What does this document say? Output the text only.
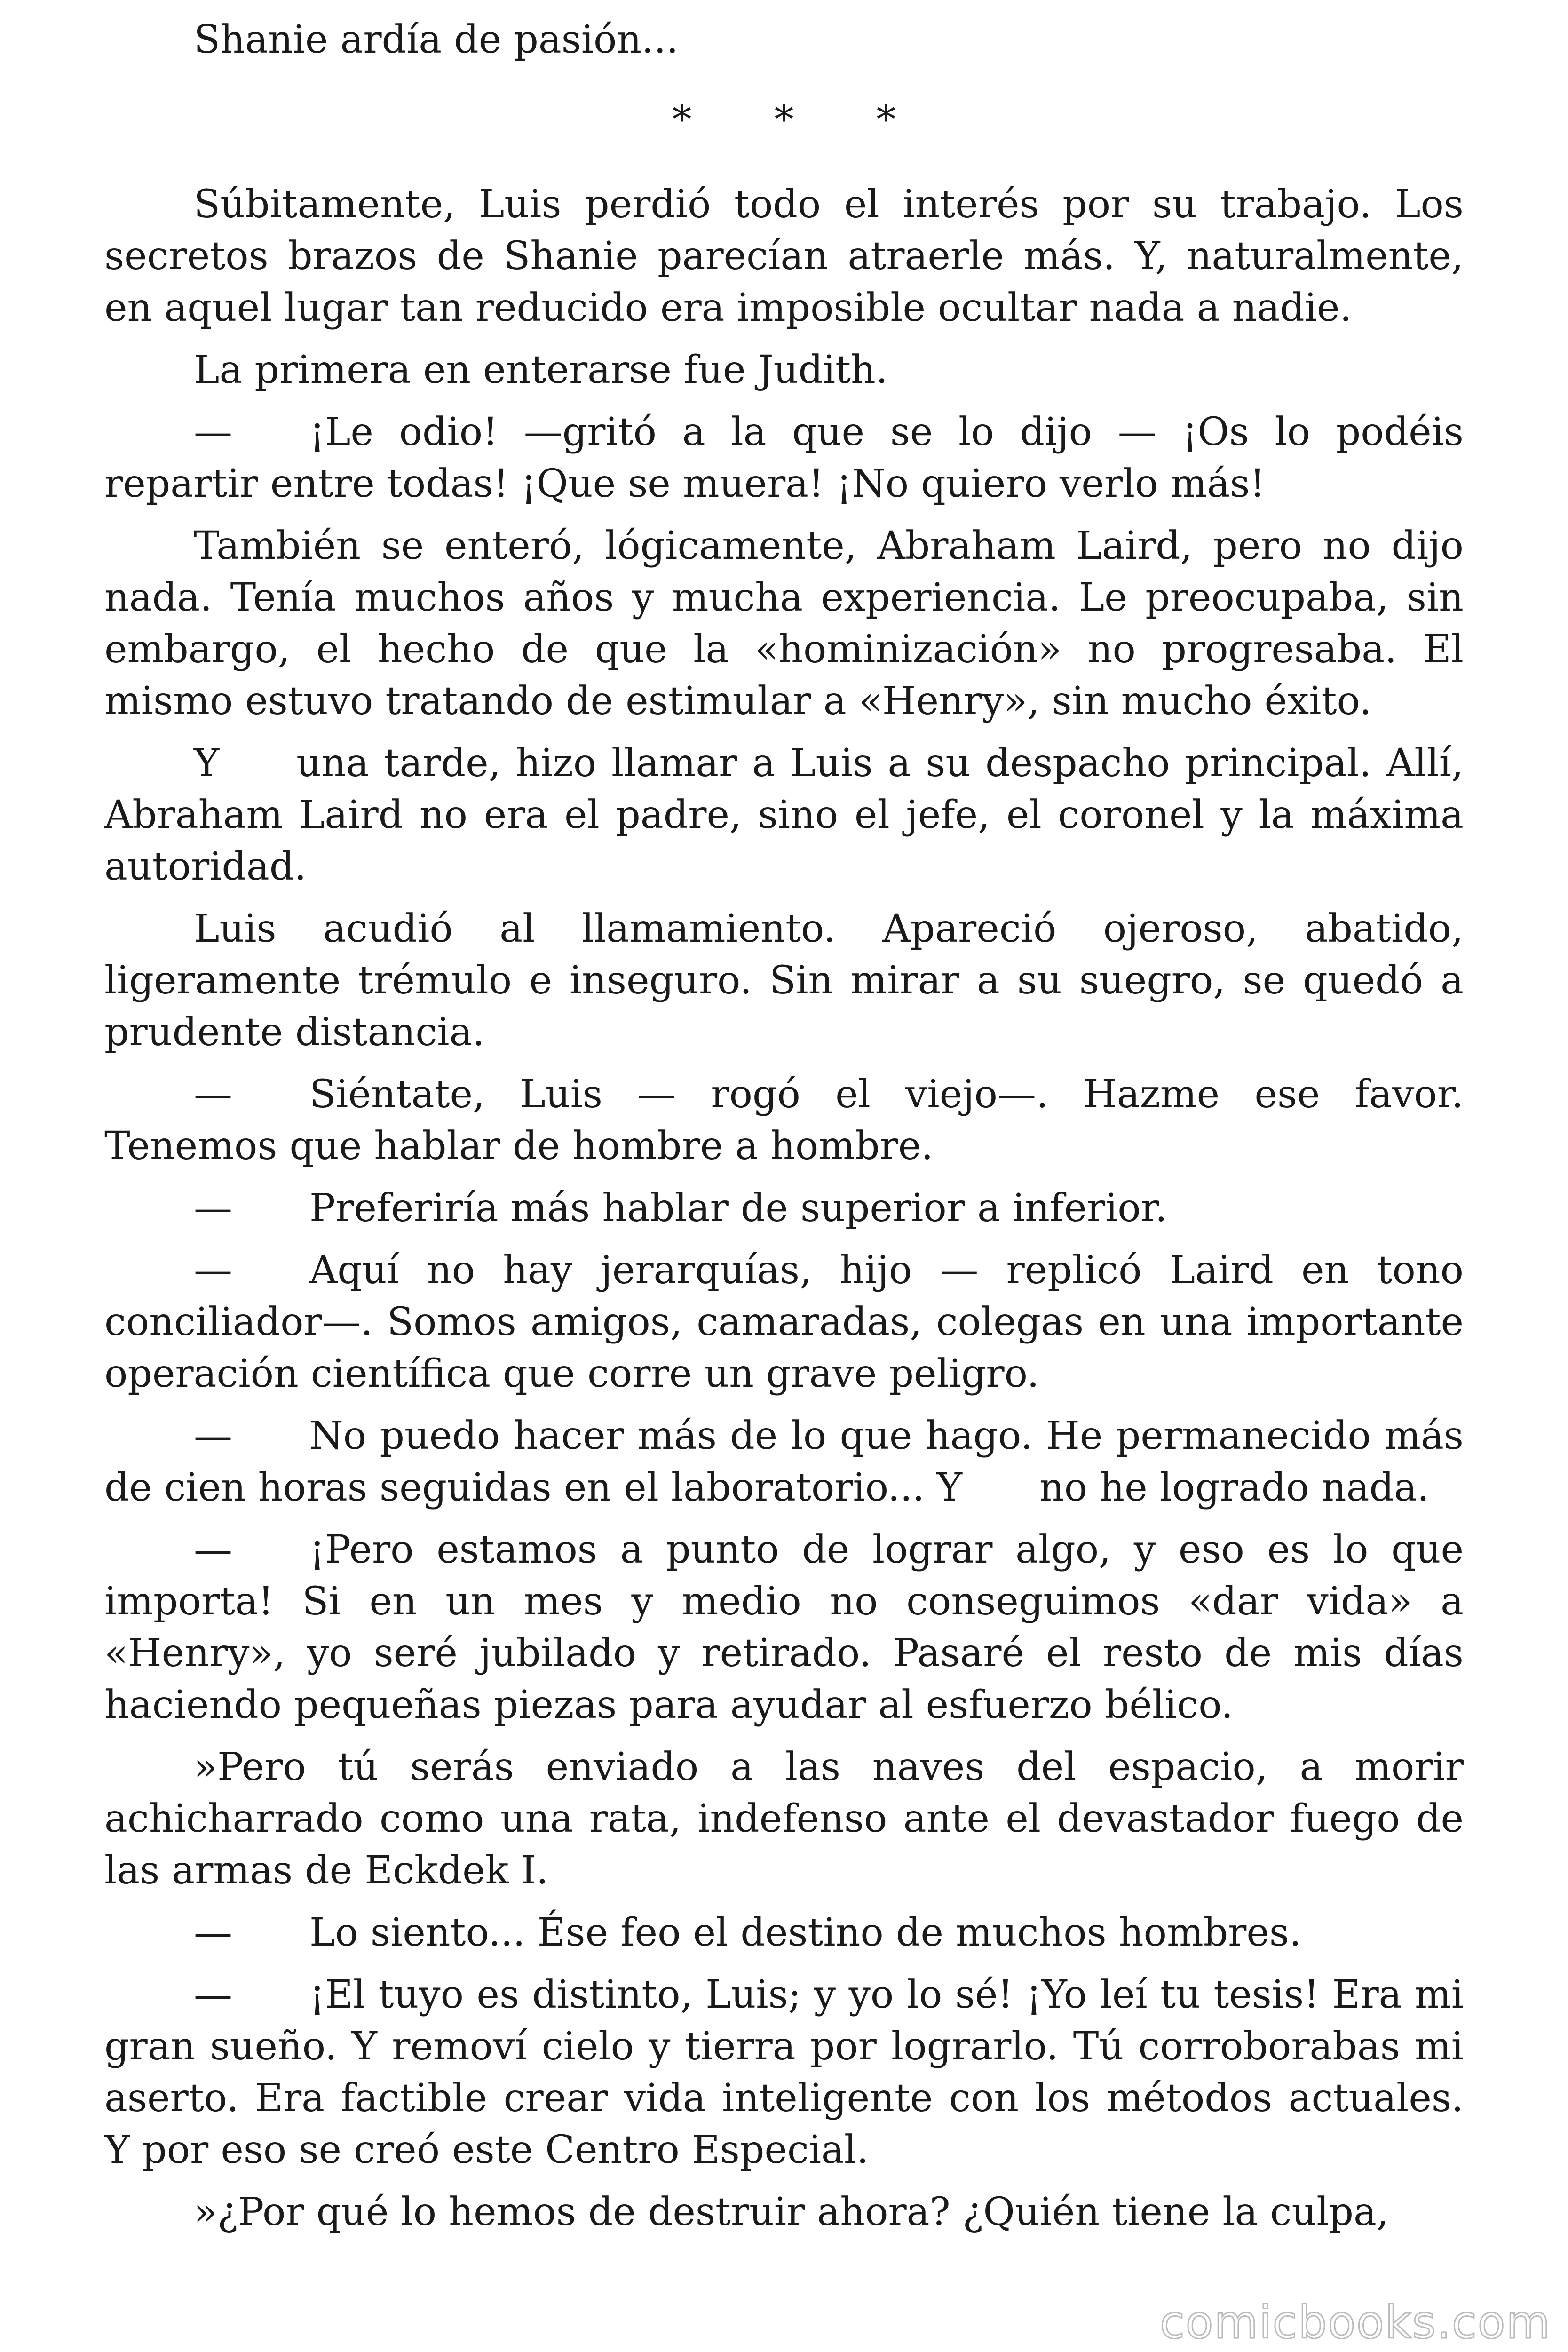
Shanie ardía de pasión...

* * *

Súbitamente, Luis perdió todo el interés por su trabajo. Los secretos brazos de Shanie parecían atraerle más. Y, naturalmente, en aquel lugar tan reducido era imposible ocultar nada a nadie.

La primera en enterarse fue Judith.

—  ¡Le odio! —gritó a la que se lo dijo — ¡Os lo podéis repartir entre todas! ¡Que se muera! ¡No quiero verlo más!

También se enteró, lógicamente, Abraham Laird, pero no dijo nada. Tenía muchos años y mucha experiencia. Le preocupaba, sin embargo, el hecho de que la «hominización» no progresaba. El mismo estuvo tratando de estimular a «Henry», sin mucho éxito.

Y  una tarde, hizo llamar a Luis a su despacho principal. Allí, Abraham Laird no era el padre, sino el jefe, el coronel y la máxima autoridad.

Luis acudió al llamamiento. Apareció ojeroso, abatido, ligeramente trémulo e inseguro. Sin mirar a su suegro, se quedó a prudente distancia.

—  Siéntate, Luis — rogó el viejo—. Hazme ese favor. Tenemos que hablar de hombre a hombre.

—  Preferiría más hablar de superior a inferior.

—  Aquí no hay jerarquías, hijo — replicó Laird en tono conciliador—. Somos amigos, camaradas, colegas en una importante operación científica que corre un grave peligro.

—  No puedo hacer más de lo que hago. He permanecido más de cien horas seguidas en el laboratorio... Y  no he logrado nada.

—  ¡Pero estamos a punto de lograr algo, y eso es lo que importa! Si en un mes y medio no conseguimos «dar vida» a «Henry», yo seré jubilado y retirado. Pasaré el resto de mis días haciendo pequeñas piezas para ayudar al esfuerzo bélico.

»Pero tú serás enviado a las naves del espacio, a morir achicharrado como una rata, indefenso ante el devastador fuego de las armas de Eckdek I.

—  Lo siento... Ése feo el destino de muchos hombres.

—  ¡El tuyo es distinto, Luis; y yo lo sé! ¡Yo leí tu tesis! Era mi gran sueño. Y removí cielo y tierra por lograrlo. Tú corroborabas mi aserto. Era factible crear vida inteligente con los métodos actuales. Y por eso se creó este Centro Especial.

»¿Por qué lo hemos de destruir ahora? ¿Quién tiene la culpa,

comicbooks.com
